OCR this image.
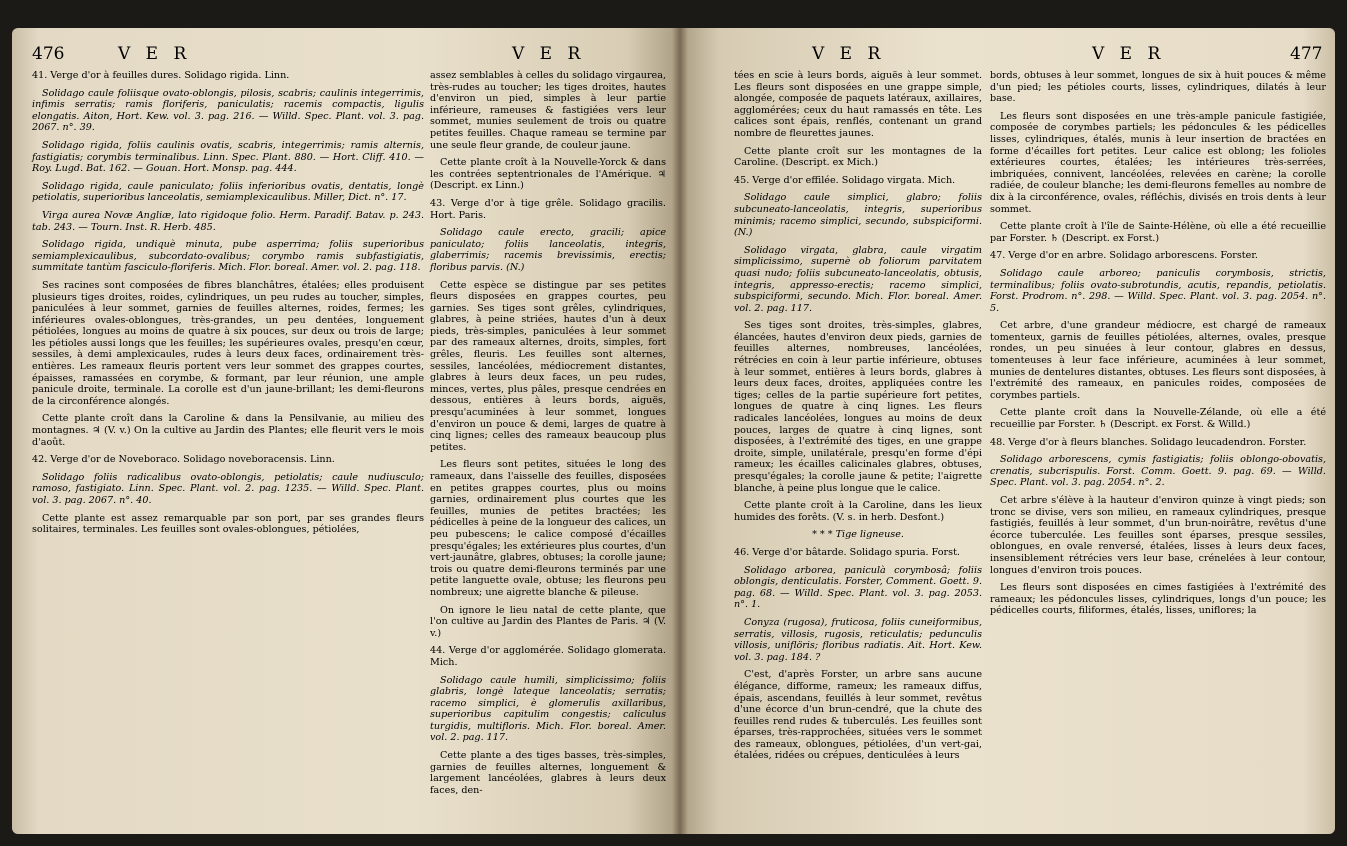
476	V E R	V E R	V E R	V E R	477

41. Verge d'or à feuilles dures. Solidago rigida. Linn.

Solidago caule foliisque ovato-oblongis, pilosis, scabris; caulinis integerrimis, infimis serratis; ramis floriferis, paniculatis; racemis compactis, ligulis elongatis. Aiton, Hort. Kew. vol. 3. pag. 216. — Willd. Spec. Plant. vol. 3. pag. 2067. n°. 39.

Solidago rigida, foliis caulinis ovatis, scabris, integerrimis; ramis alternis, fastigiatis; corymbis terminalibus. Linn. Spec. Plant. 880. — Hort. Cliff. 410. — Roy. Lugd. Bat. 162. — Gouan. Hort. Monsp. pag. 444.

Solidago rigida, caule paniculato; foliis inferioribus ovatis, dentatis, longè petiolatis, superioribus lanceolatis, semiamplexicaulibus. Miller, Dict. n°. 17.

Virga aurea Novæ Angliæ, lato rigidoque folio. Herm. Paradif. Batav. p. 243. tab. 243. — Tourn. Inst. R. Herb. 485.

Solidago rigida, undiquè minuta, pube asperrima; foliis superioribus semiamplexicaulibus, subcordato-ovalibus; corymbo ramis subfastigiatis, summitate tantùm fasciculo-floriferis. Mich. Flor. boreal. Amer. vol. 2. pag. 118.

Ses racines sont composées de fibres blanchâtres, étalées; elles produisent plusieurs tiges droites, roides, cylindriques, un peu rudes au toucher, simples, paniculées à leur sommet, garnies de feuilles alternes, roides, fermes; les inférieures ovales-oblongues, très-grandes, un peu dentées, longuement pétiolées, longues au moins de quatre à six pouces, sur deux ou trois de large; les pétioles aussi longs que les feuilles; les supérieures ovales, presqu'en cœur, sessiles, à demi amplexicaules, rudes à leurs deux faces, ordinairement très-entières. Les rameaux fleuris portent vers leur sommet des grappes courtes, épaisses, ramassées en corymbe, & formant, par leur réunion, une ample panicule droite, terminale. La corolle est d'un jaune-brillant; les demi-fleurons de la circonférence alongés.

Cette plante croît dans la Caroline & dans la Pensilvanie, au milieu des montagnes. ♃ (V. v.) On la cultive au Jardin des Plantes; elle fleurit vers le mois d'août.

42. Verge d'or de Noveboraco. Solidago noveboracensis. Linn.

Solidago foliis radicalibus ovato-oblongis, petiolatis; caule nudiusculo; ramoso, fastigiato. Linn. Spec. Plant. vol. 2. pag. 1235. — Willd. Spec. Plant. vol. 3. pag. 2067. n°. 40.

Cette plante est assez remarquable par son port, par ses grandes fleurs solitaires, terminales. Les feuilles sont ovales-oblongues, pétiolées,

assez semblables à celles du solidago virgaurea, très-rudes au toucher; les tiges droites, hautes d'environ un pied, simples à leur partie inférieure, rameuses & fastigiées vers leur sommet, munies seulement de trois ou quatre petites feuilles. Chaque rameau se termine par une seule fleur grande, de couleur jaune.

Cette plante croît à la Nouvelle-Yorck & dans les contrées septentrionales de l'Amérique. ♃ (Descript. ex Linn.)

43. Verge d'or à tige grêle. Solidago gracilis. Hort. Paris.

Solidago caule erecto, gracili; apice paniculato; foliis lanceolatis, integris, glaberrimis; racemis brevissimis, erectis; floribus parvis. (N.)

Cette espèce se distingue par ses petites fleurs disposées en grappes courtes, peu garnies. Ses tiges sont grêles, cylindriques, glabres, à peine striées, hautes d'un à deux pieds, très-simples, paniculées à leur sommet par des rameaux alternes, droits, simples, fort grêles, fleuris. Les feuilles sont alternes, sessiles, lancéolées, médiocrement distantes, glabres à leurs deux faces, un peu rudes, minces, vertes, plus pâles, presque cendrées en dessous, entières à leurs bords, aiguës, presqu'acuminées à leur sommet, longues d'environ un pouce & demi, larges de quatre à cinq lignes; celles des rameaux beaucoup plus petites.

Les fleurs sont petites, situées le long des rameaux, dans l'aisselle des feuilles, disposées en petites grappes courtes, plus ou moins garnies, ordinairement plus courtes que les feuilles, munies de petites bractées; les pédicelles à peine de la longueur des calices, un peu pubescens; le calice composé d'écailles presqu'égales; les extérieures plus courtes, d'un vert-jaunâtre, glabres, obtuses; la corolle jaune; trois ou quatre demi-fleurons terminés par une petite languette ovale, obtuse; les fleurons peu nombreux; une aigrette blanche & pileuse.

On ignore le lieu natal de cette plante, que l'on cultive au Jardin des Plantes de Paris. ♃ (V. v.)

44. Verge d'or agglomérée. Solidago glomerata. Mich.

Solidago caule humili, simplicissimo; foliis glabris, longè lateque lanceolatis; serratis; racemo simplici, è glomerulis axillaribus, superioribus capitulim congestis; caliculus turgidis, multifloris. Mich. Flor. boreal. Amer. vol. 2. pag. 117.

Cette plante a des tiges basses, très-simples, garnies de feuilles alternes, longuement & largement lancéolées, glabres à leurs deux faces, den-

tées en scie à leurs bords, aiguës à leur sommet. Les fleurs sont disposées en une grappe simple, alongée, composée de paquets latéraux, axillaires, agglomérées; ceux du haut ramassés en tête. Les calices sont épais, renflés, contenant un grand nombre de fleurettes jaunes.

Cette plante croît sur les montagnes de la Caroline. (Descript. ex Mich.)

45. Verge d'or effilée. Solidago virgata. Mich.

Solidago caule simplici, glabro; foliis subcuneato-lanceolatis, integris, superioribus minimis; racemo simplici, secundo, subspiciformi. (N.)

Solidago virgata, glabra, caule virgatim simplicissimo, supernè ob foliorum parvitatem quasi nudo; foliis subcuneato-lanceolatis, obtusis, integris, appresso-erectis; racemo simplici, subspiciformi, secundo. Mich. Flor. boreal. Amer. vol. 2. pag. 117.

Ses tiges sont droites, très-simples, glabres, élancées, hautes d'environ deux pieds, garnies de feuilles alternes, nombreuses, lancéolées, rétrécies en coin à leur partie inférieure, obtuses à leur sommet, entières à leurs bords, glabres à leurs deux faces, droites, appliquées contre les tiges; celles de la partie supérieure fort petites, longues de quatre à cinq lignes. Les fleurs radicales lancéolées, longues au moins de deux pouces, larges de quatre à cinq lignes, sont disposées, à l'extrémité des tiges, en une grappe droite, simple, unilatérale, presqu'en forme d'épi rameux; les écailles calicinales glabres, obtuses, presqu'égales; la corolle jaune & petite; l'aigrette blanche, à peine plus longue que le calice.

Cette plante croît à la Caroline, dans les lieux humides des forêts. (V. s. in herb. Desfont.)

* * * Tige ligneuse.

46. Verge d'or bâtarde. Solidago spuria. Forst.

Solidago arborea, paniculà corymbosâ; foliis oblongis, denticulatis. Forster, Comment. Goett. 9. pag. 68. — Willd. Spec. Plant. vol. 3. pag. 2053. n°. 1.

Conyza (rugosa), fruticosa, foliis cuneiformibus, serratis, villosis, rugosis, reticulatis; pedunculis villosis, uniflöris; floribus radiatis. Ait. Hort. Kew. vol. 3. pag. 184. ?

C'est, d'après Forster, un arbre sans aucune élégance, difforme, rameux; les rameaux diffus, épais, ascendans, feuillés à leur sommet, revêtus d'une écorce d'un brun-cendré, que la chute des feuilles rend rudes & tuberculés. Les feuilles sont éparses, très-rapprochées, situées vers le sommet des rameaux, oblongues, pétiolées, d'un vert-gai, étalées, ridées ou crépues, denticulées à leurs

bords, obtuses à leur sommet, longues de six à huit pouces & même d'un pied; les pétioles courts, lisses, cylindriques, dilatés à leur base.

Les fleurs sont disposées en une très-ample panicule fastigiée, composée de corymbes partiels; les pédoncules & les pédicelles lisses, cylindriques, étalés, munis à leur insertion de bractées en forme d'écailles fort petites. Leur calice est oblong; les folioles extérieures courtes, étalées; les intérieures très-serrées, imbriquées, connivent, lancéolées, relevées en carène; la corolle radiée, de couleur blanche; les demi-fleurons femelles au nombre de dix à la circonférence, ovales, réfléchis, divisés en trois dents à leur sommet.

Cette plante croît à l'île de Sainte-Hélène, où elle a été recueillie par Forster. ♄ (Descript. ex Forst.)

47. Verge d'or en arbre. Solidago arborescens. Forster.

Solidago caule arboreo; paniculis corymbosis, strictis, terminalibus; foliis ovato-subrotundis, acutis, repandis, petiolatis. Forst. Prodrom. n°. 298. — Willd. Spec. Plant. vol. 3. pag. 2054. n°. 5.

Cet arbre, d'une grandeur médiocre, est chargé de rameaux tomenteux, garnis de feuilles pétiolées, alternes, ovales, presque rondes, un peu sinuées à leur contour, glabres en dessus, tomenteuses à leur face inférieure, acuminées à leur sommet, munies de dentelures distantes, obtuses. Les fleurs sont disposées, à l'extrémité des rameaux, en panicules roides, composées de corymbes partiels.

Cette plante croît dans la Nouvelle-Zélande, où elle a été recueillie par Forster. ♄ (Descript. ex Forst. & Willd.)

48. Verge d'or à fleurs blanches. Solidago leucadendron. Forster.

Solidago arborescens, cymis fastigiatis; foliis oblongo-obovatis, crenatis, subcrispulis. Forst. Comm. Goett. 9. pag. 69. — Willd. Spec. Plant. vol. 3. pag. 2054. n°. 2.

Cet arbre s'élève à la hauteur d'environ quinze à vingt pieds; son tronc se divise, vers son milieu, en rameaux cylindriques, presque fastigiés, feuillés à leur sommet, d'un brun-noirâtre, revêtus d'une écorce tuberculée. Les feuilles sont éparses, presque sessiles, oblongues, en ovale renversé, étalées, lisses à leurs deux faces, insensiblement rétrécies vers leur base, crénelées à leur contour, longues d'environ trois pouces.

Les fleurs sont disposées en cimes fastigiées à l'extrémité des rameaux; les pédoncules lisses, cylindriques, longs d'un pouce; les pédicelles courts, filiformes, étalés, lisses, uniflores; la
